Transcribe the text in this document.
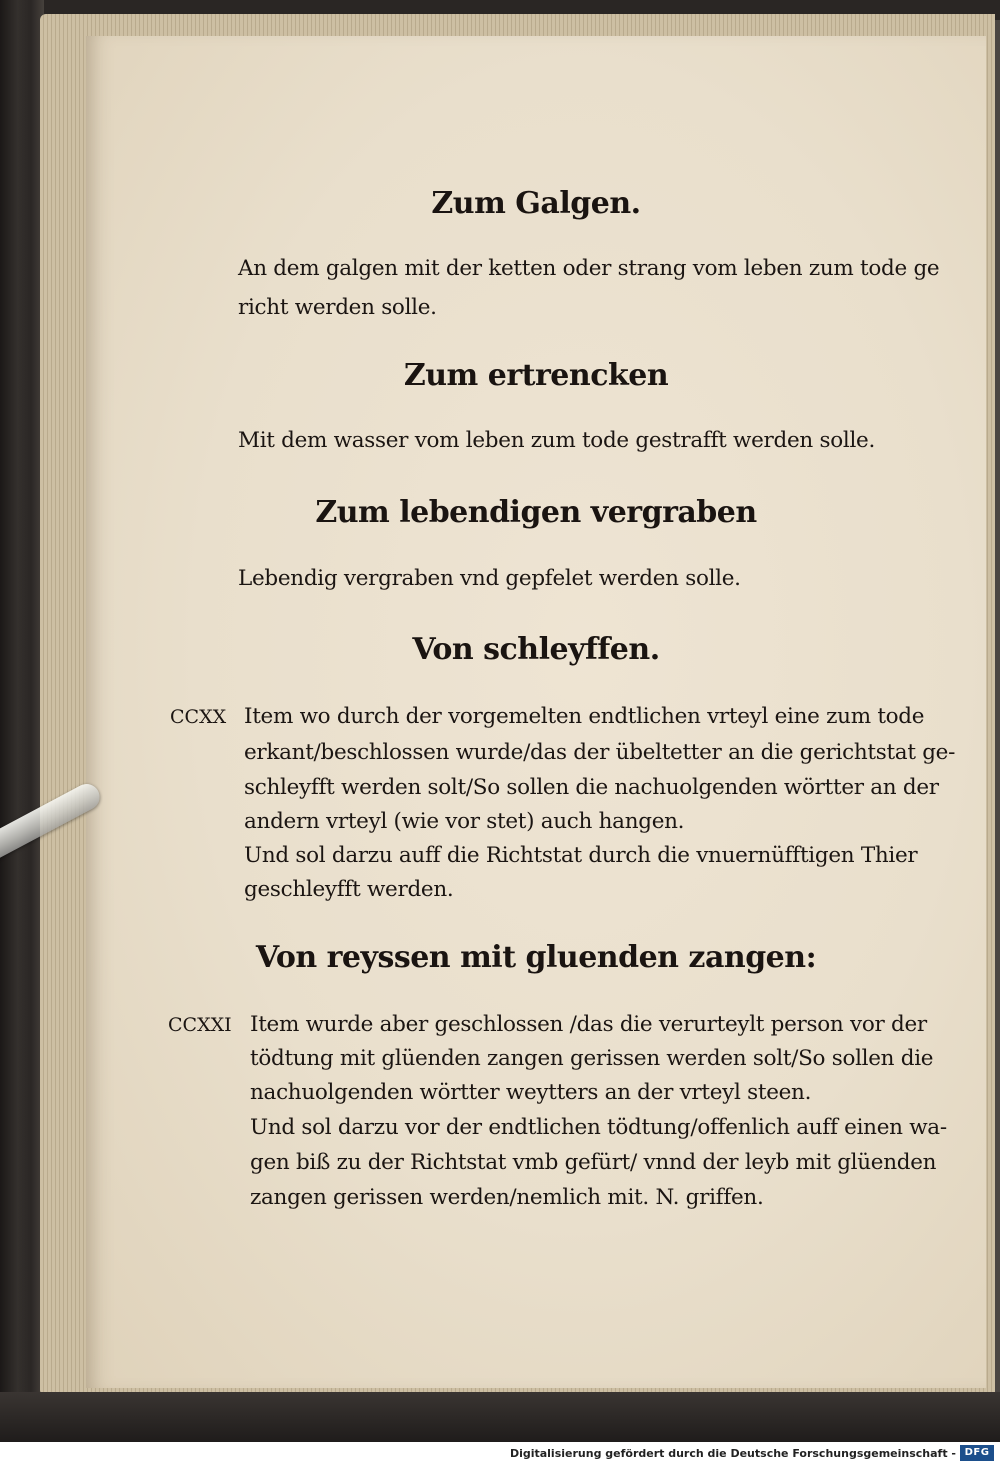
Zum Galgen.
An dem galgen mit der ketten oder strang vom leben zum tode ge
richt werden solle.
Zum ertrencken
Mit dem wasser vom leben zum tode gestrafft werden solle.
Zum lebendigen vergraben
Lebendig vergraben vnd gepfelet werden solle.
Von schleyffen.
CCXX Item wo durch der vorgemelten endtlichen vrteyl eine zum tode
erkant/beschlossen wurde/das der übeltetter an die gerichtstat ge-
schleyfft werden solt/So sollen die nachuolgenden wörtter an der
andern vrteyl (wie vor stet) auch hangen.
Und sol darzu auff die Richtstat durch die vnuernüfftigen Thier
geschleyfft werden.
Von reyssen mit gluenden zangen:
CCXXI Item wurde aber geschlossen /das die verurteylt person vor der
tödtung mit glüenden zangen gerissen werden solt/So sollen die
nachuolgenden wörtter weytters an der vrteyl steen.
Und sol darzu vor der endtlichen tödtung/offenlich auff einen wa-
gen biß zu der Richtstat vmb gefürt/ vnnd der leyb mit glüenden
zangen gerissen werden/nemlich mit. N. griffen.
Digitalisierung gefördert durch die Deutsche Forschungsgemeinschaft - DFG
